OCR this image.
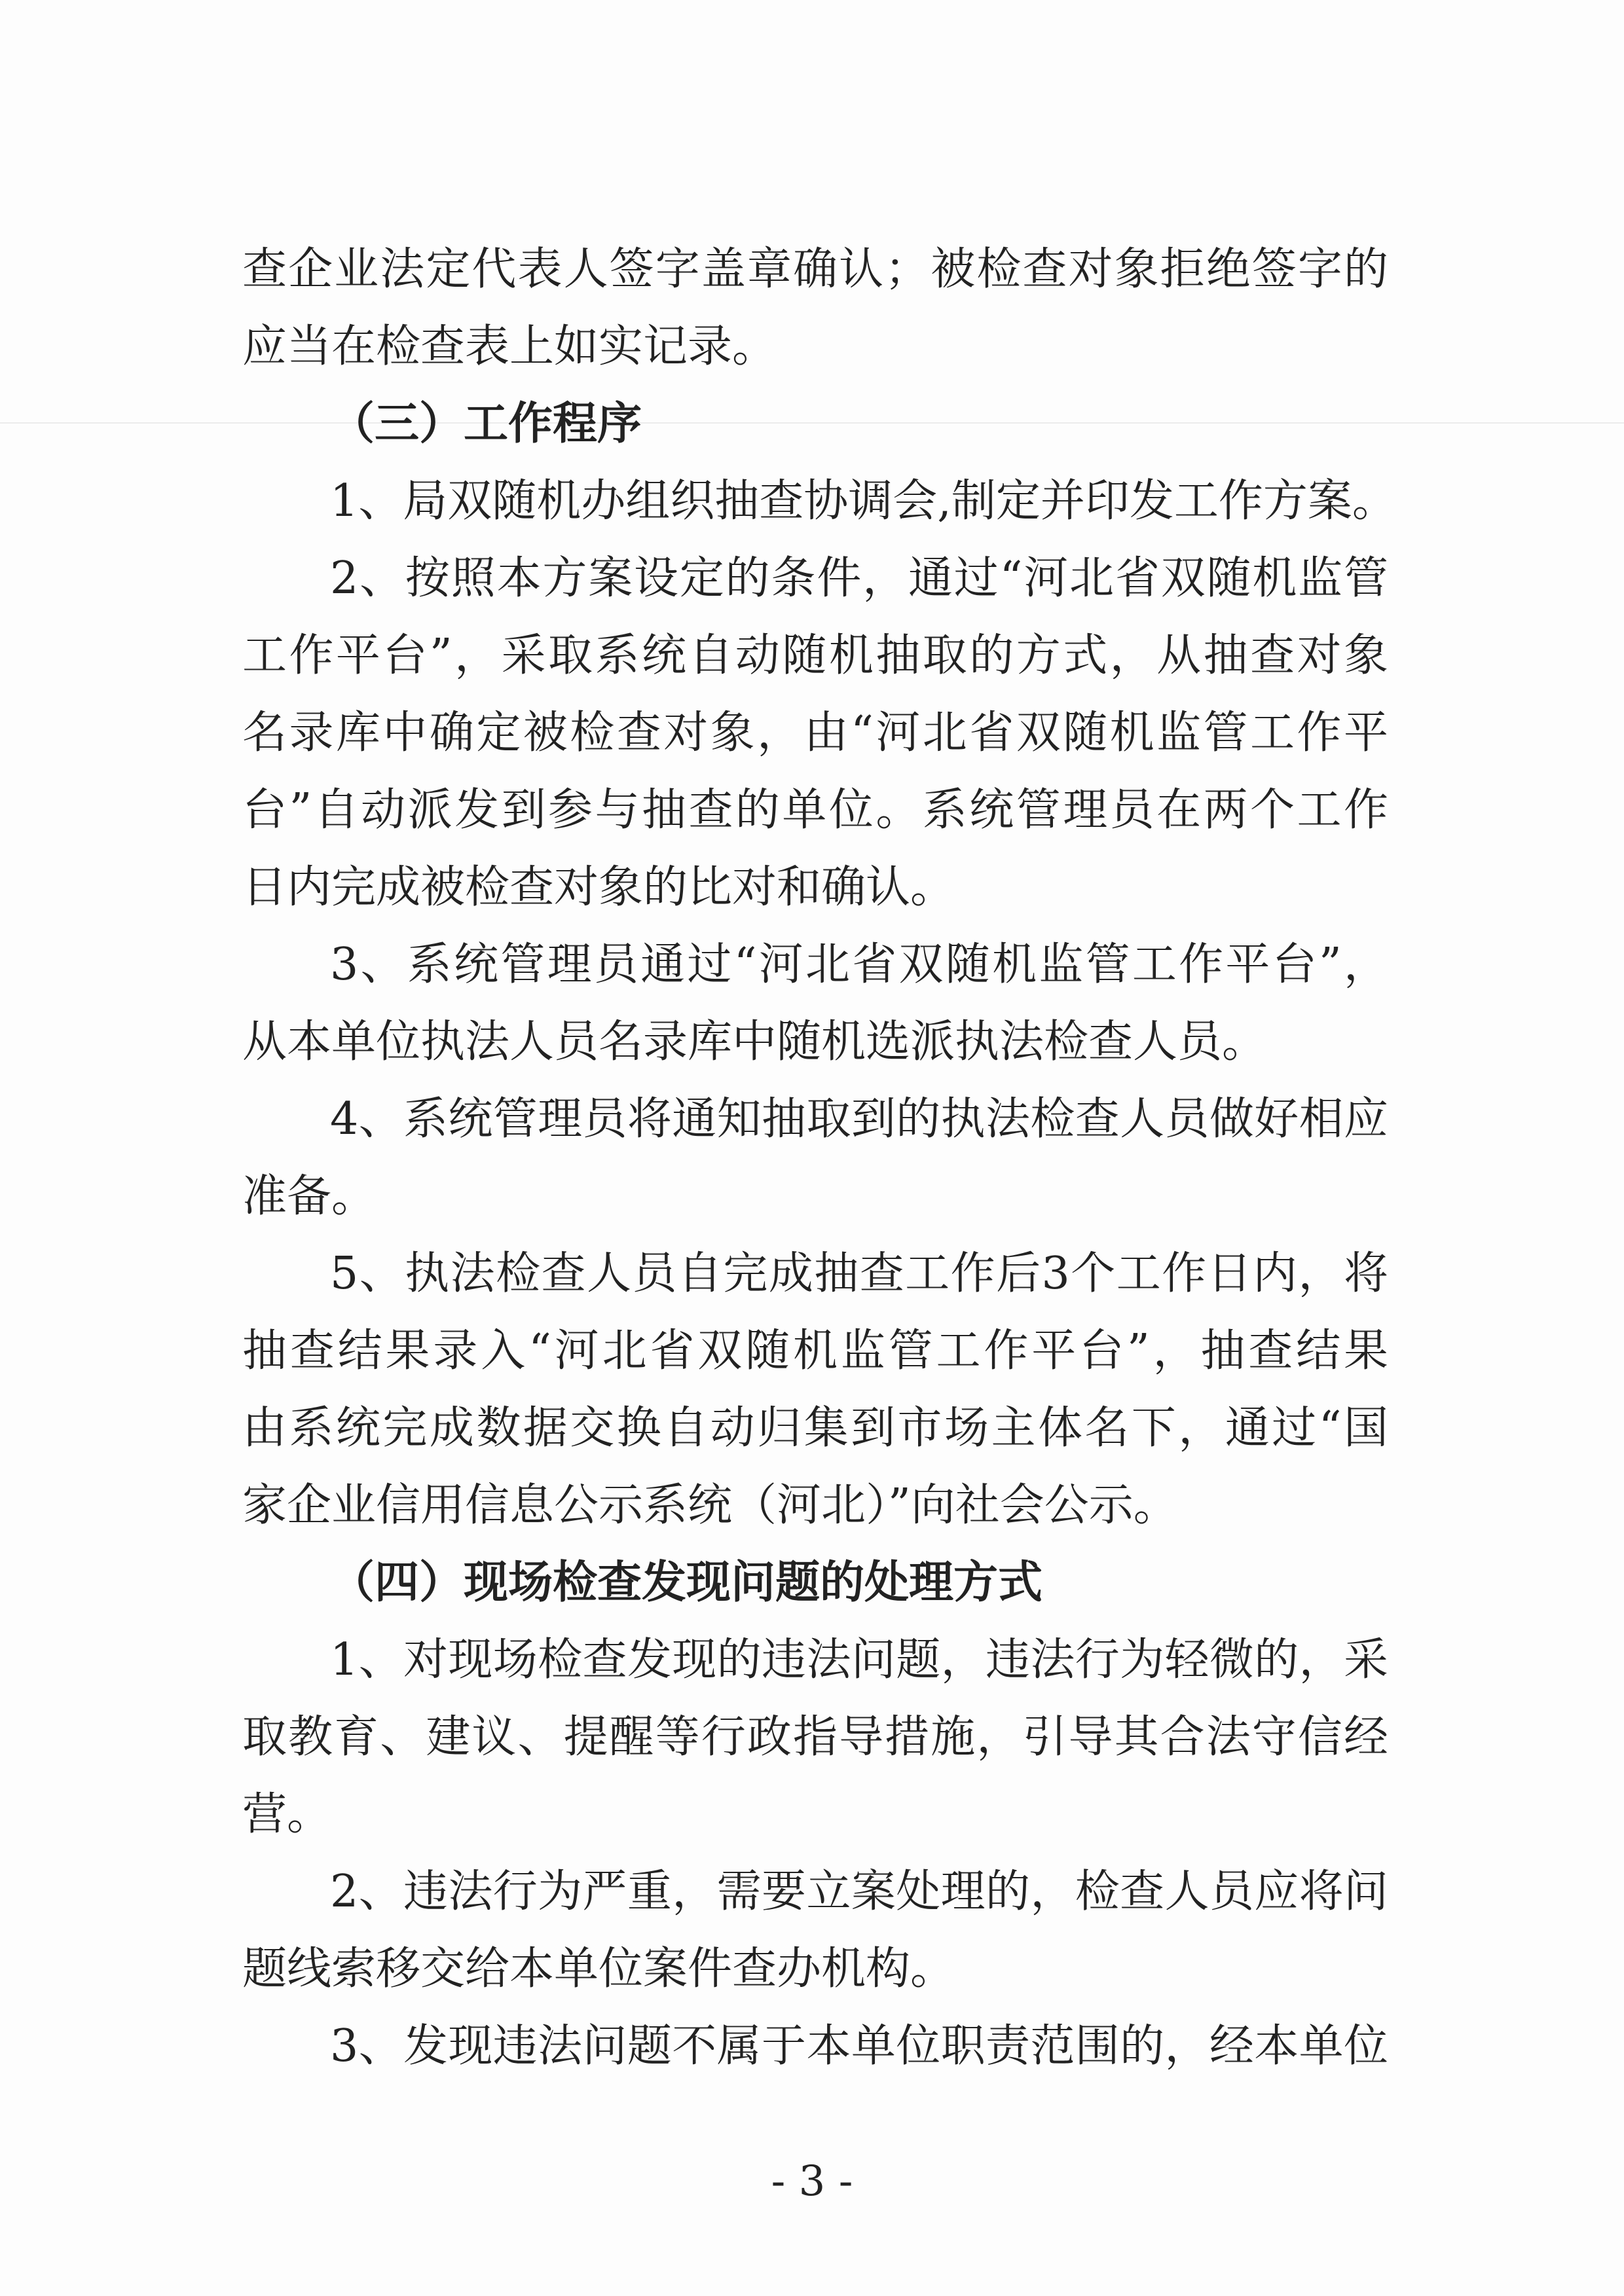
查企业法定代表人签字盖章确认；被检查对象拒绝签字的
应当在检查表上如实记录。
（三）工作程序
1、局双随机办组织抽查协调会,制定并印发工作方案。
2、按照本方案设定的条件，通过“河北省双随机监管
工作平台”，采取系统自动随机抽取的方式，从抽查对象
名录库中确定被检查对象，由“河北省双随机监管工作平
台”自动派发到参与抽查的单位。系统管理员在两个工作
日内完成被检查对象的比对和确认。
3、系统管理员通过“河北省双随机监管工作平台”，
从本单位执法人员名录库中随机选派执法检查人员。
4、系统管理员将通知抽取到的执法检查人员做好相应
准备。
5、执法检查人员自完成抽查工作后3个工作日内，将
抽查结果录入“河北省双随机监管工作平台”，抽查结果
由系统完成数据交换自动归集到市场主体名下，通过“国
家企业信用信息公示系统（河北）”向社会公示。
（四）现场检查发现问题的处理方式
1、对现场检查发现的违法问题，违法行为轻微的，采
取教育、建议、提醒等行政指导措施，引导其合法守信经
营。
2、违法行为严重，需要立案处理的，检查人员应将问
题线索移交给本单位案件查办机构。
3、发现违法问题不属于本单位职责范围的，经本单位
- 3 -
